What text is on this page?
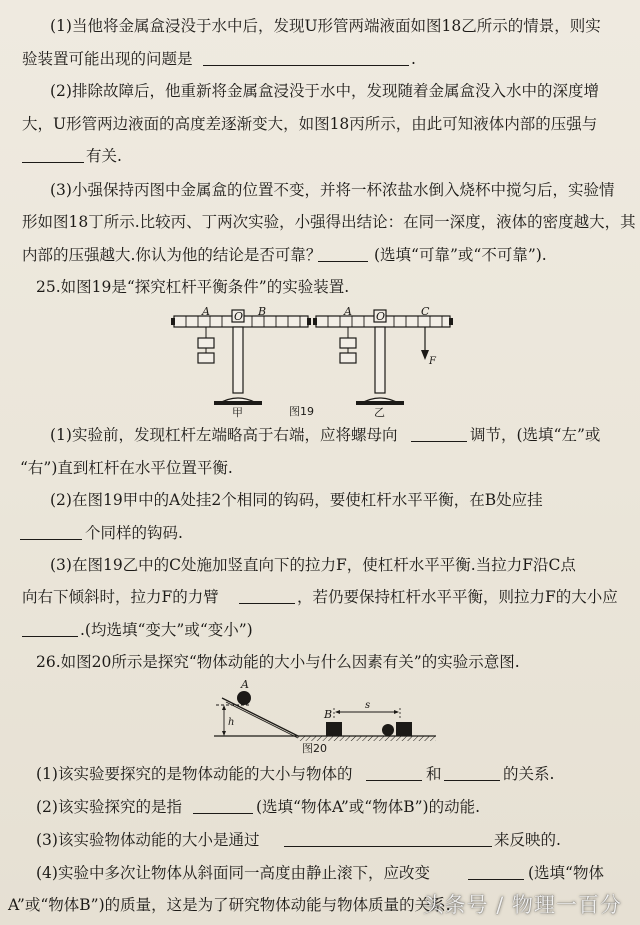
(1)当他将金属盒浸没于水中后，发现U形管两端液面如图18乙所示的情景，则实
验装置可能出现的问题是	.
(2)排除故障后，他重新将金属盒浸没于水中，发现随着金属盒没入水中的深度增
大，U形管两边液面的高度差逐渐变大，如图18丙所示，由此可知液体内部的压强与
有关.
(3)小强保持丙图中金属盒的位置不变，并将一杯浓盐水倒入烧杯中搅匀后，实验情
形如图18丁所示.比较丙、丁两次实验，小强得出结论：在同一深度，液体的密度越大，其
内部的压强越大.你认为他的结论是否可靠？	(选填“可靠”或“不可靠”).
25.如图19是“探究杠杆平衡条件”的实验装置.
A O B	A O	C
F
甲	图19	乙
(1)实验前，发现杠杆左端略高于右端，应将螺母向	调节，(选填“左”或
“右”)直到杠杆在水平位置平衡.
(2)在图19甲中的A处挂2个相同的钩码，要使杠杆水平平衡，在B处应挂
个同样的钩码.
(3)在图19乙中的C处施加竖直向下的拉力F，使杠杆水平平衡.当拉力F沿C点
向右下倾斜时，拉力F的力臂	，若仍要保持杠杆水平平衡，则拉力F的大小应
.(均选填“变大”或“变小”)
26.如图20所示是探究“物体动能的大小与什么因素有关”的实验示意图.
A
h
B
s
图20
(1)该实验要探究的是物体动能的大小与物体的	和	的关系.
(2)该实验探究的是指	(选填“物体A”或“物体B”)的动能.
(3)该实验物体动能的大小是通过	来反映的.
(4)实验中多次让物体从斜面同一高度由静止滚下，应改变	(选填“物体
A”或“物体B”)的质量，这是为了研究物体动能与物体质量的关系.
头条号 / 物理一百分
